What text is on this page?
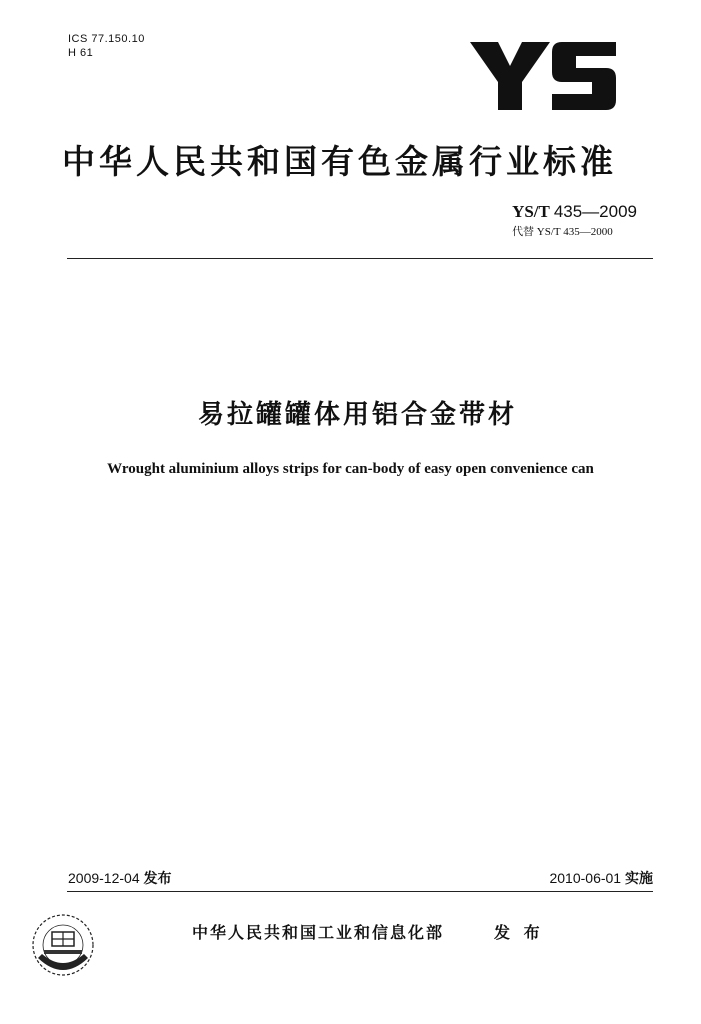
ICS 77.150.10
H 61
中华人民共和国有色金属行业标准
YS/T 435—2009
代替 YS/T 435—2000
易拉罐罐体用铝合金带材
Wrought aluminium alloys strips for can-body of easy open convenience can
2009-12-04 发布	2010-06-01 实施
中华人民共和国工业和信息化部	发 布
